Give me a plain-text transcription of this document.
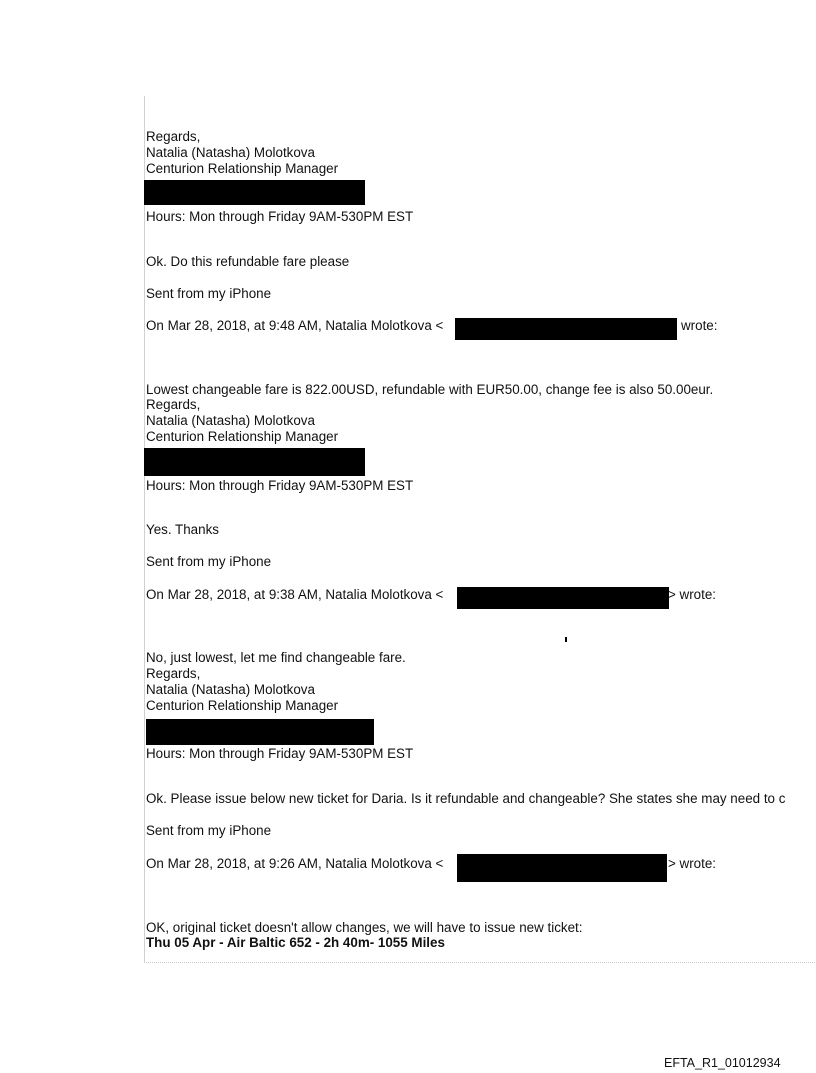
Regards,
Natalia (Natasha) Molotkova
Centurion Relationship Manager
Hours: Mon through Friday 9AM-530PM EST
Ok. Do this refundable fare please
Sent from my iPhone
On Mar 28, 2018, at 9:48 AM, Natalia Molotkova <	wrote:
Lowest changeable fare is 822.00USD, refundable with EUR50.00, change fee is also 50.00eur.
Regards,
Natalia (Natasha) Molotkova
Centurion Relationship Manager
Hours: Mon through Friday 9AM-530PM EST
Yes. Thanks
Sent from my iPhone
On Mar 28, 2018, at 9:38 AM, Natalia Molotkova <	> wrote:
No, just lowest, let me find changeable fare.
Regards,
Natalia (Natasha) Molotkova
Centurion Relationship Manager
Hours: Mon through Friday 9AM-530PM EST
Ok. Please issue below new ticket for Daria. Is it refundable and changeable? She states she may need to c
Sent from my iPhone
On Mar 28, 2018, at 9:26 AM, Natalia Molotkova <	> wrote:
OK, original ticket doesn't allow changes, we will have to issue new ticket:
Thu 05 Apr - Air Baltic 652 - 2h 40m- 1055 Miles
EFTA_R1_01012934
